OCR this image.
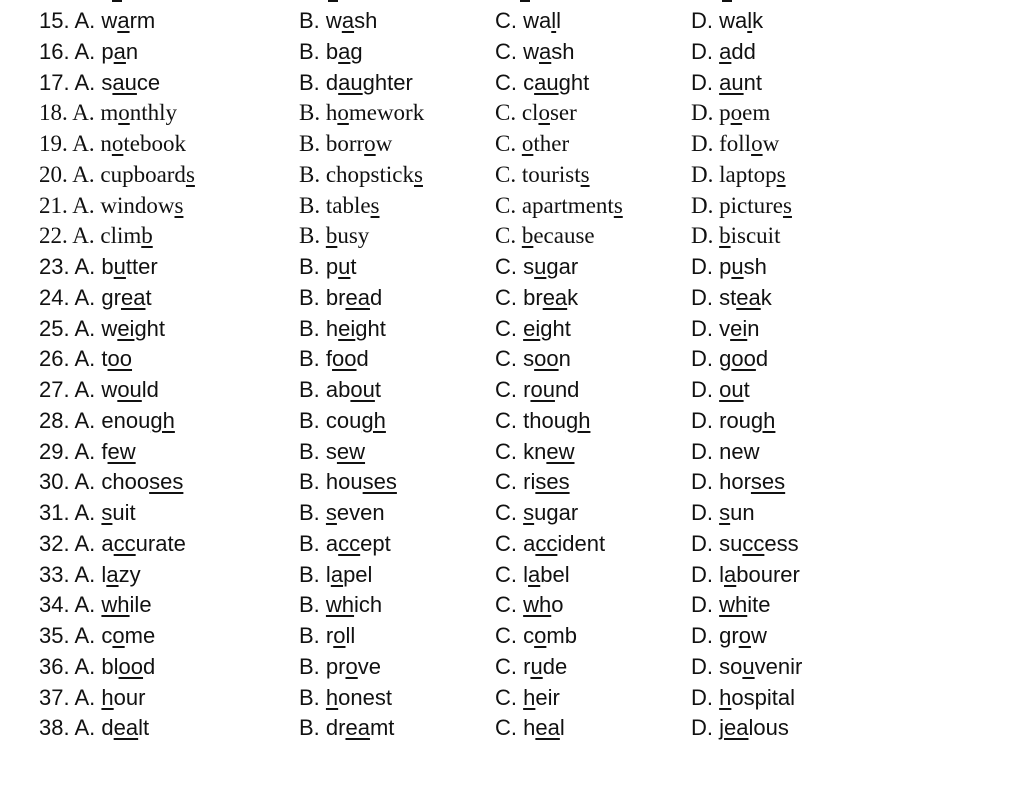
15. A. warm	B. wash	C. wall	D. walk
16. A. pan	B. bag	C. wash	D. add
17. A. sauce	B. daughter	C. caught	D. aunt
18. A. monthly	B. homework	C. closer	D. poem
19. A. notebook	B. borrow	C. other	D. follow
20. A. cupboards	B. chopsticks	C. tourists	D. laptops
21. A. windows	B. tables	C. apartments	D. pictures
22. A. climb	B. busy	C. because	D. biscuit
23. A. butter	B. put	C. sugar	D. push
24. A. great	B. bread	C. break	D. steak
25. A. weight	B. height	C. eight	D. vein
26. A. too	B. food	C. soon	D. good
27. A. would	B. about	C. round	D. out
28. A. enough	B. cough	C. though	D. rough
29. A. few	B. sew	C. knew	D. new
30. A. chooses	B. houses	C. rises	D. horses
31. A. suit	B. seven	C. sugar	D. sun
32. A. accurate	B. accept	C. accident	D. success
33. A. lazy	B. lapel	C. label	D. labourer
34. A. while	B. which	C. who	D. white
35. A. come	B. roll	C. comb	D. grow
36. A. blood	B. prove	C. rude	D. souvenir
37. A. hour	B. honest	C. heir	D. hospital
38. A. dealt	B. dreamt	C. heal	D. jealous
